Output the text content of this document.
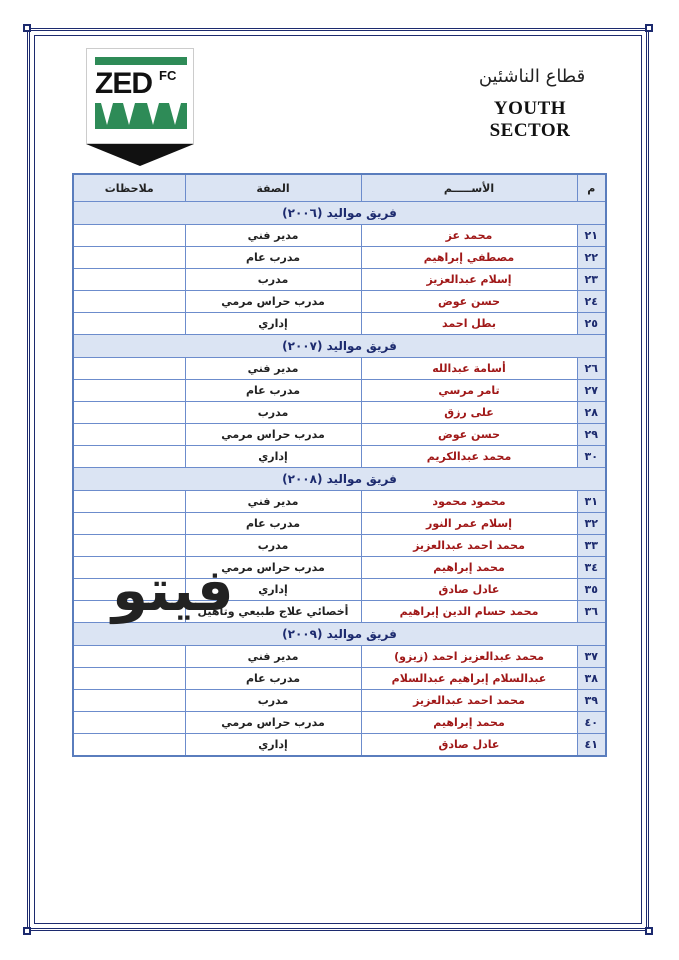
ZED FC	قطاع الناشئين
YOUTH SECTOR
م	الأســـــم	الصفة	ملاحظات
فريق مواليد (٢٠٠٦)			
٢١	محمد عز	مدير فني	
٢٢	مصطفي إبراهيم	مدرب عام	
٢٣	إسلام عبدالعزيز	مدرب	
٢٤	حسن عوض	مدرب حراس مرمي	
٢٥	بطل احمد	إداري	
فريق مواليد (٢٠٠٧)			
٢٦	أسامة عبدالله	مدير فني	
٢٧	تامر مرسي	مدرب عام	
٢٨	على رزق	مدرب	
٢٩	حسن عوض	مدرب حراس مرمي	
٣٠	محمد عبدالكريم	إداري	
فريق مواليد (٢٠٠٨)			
٣١	محمود محمود	مدير فني	
٣٢	إسلام عمر النور	مدرب عام	
٣٣	محمد احمد عبدالعزيز	مدرب	
٣٤	محمد إبراهيم	مدرب حراس مرمي	
٣٥	عادل صادق	إداري	
٣٦	محمد حسام الدين إبراهيم	أخصائي علاج طبيعي وتأهيل	
فريق مواليد (٢٠٠٩)			
٣٧	محمد عبدالعزيز احمد (زيزو)	مدير فني	
٣٨	عبدالسلام إبراهيم عبدالسلام	مدرب عام	
٣٩	محمد احمد عبدالعزيز	مدرب	
٤٠	محمد إبراهيم	مدرب حراس مرمي	
٤١	عادل صادق	إداري	
فيتو
